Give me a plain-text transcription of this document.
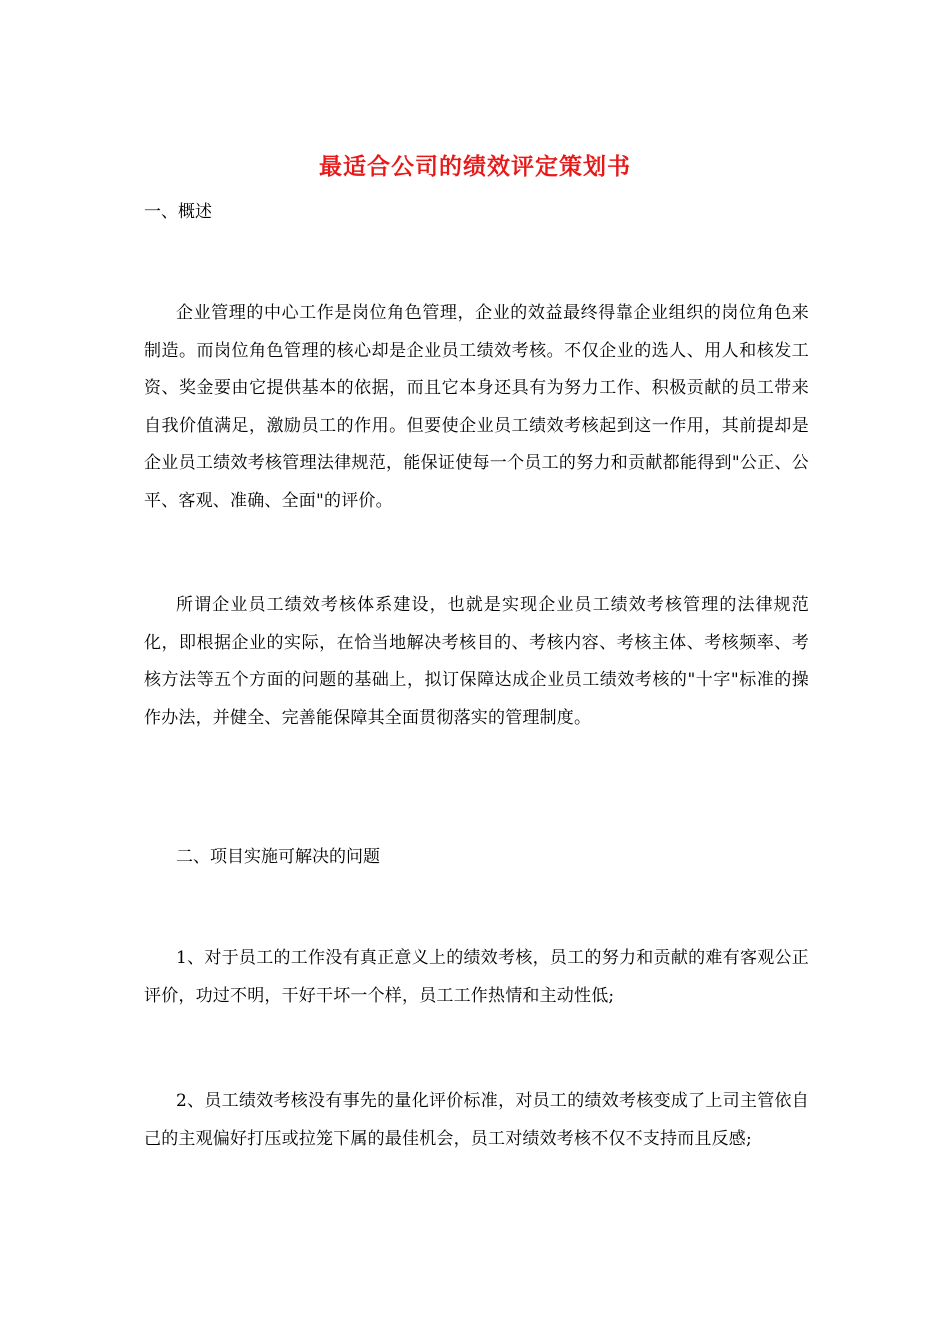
最适合公司的绩效评定策划书
一、概述

企业管理的中心工作是岗位角色管理，企业的效益最终得靠企业组织的岗位角色来制造。而岗位角色管理的核心却是企业员工绩效考核。不仅企业的选人、用人和核发工资、奖金要由它提供基本的依据，而且它本身还具有为努力工作、积极贡献的员工带来自我价值满足，激励员工的作用。但要使企业员工绩效考核起到这一作用，其前提却是企业员工绩效考核管理法律规范，能保证使每一个员工的努力和贡献都能得到"公正、公平、客观、准确、全面"的评价。

所谓企业员工绩效考核体系建设，也就是实现企业员工绩效考核管理的法律规范化，即根据企业的实际，在恰当地解决考核目的、考核内容、考核主体、考核频率、考核方法等五个方面的问题的基础上，拟订保障达成企业员工绩效考核的"十字"标准的操作办法，并健全、完善能保障其全面贯彻落实的管理制度。

二、项目实施可解决的问题

1、对于员工的工作没有真正意义上的绩效考核，员工的努力和贡献的难有客观公正评价，功过不明，干好干坏一个样，员工工作热情和主动性低;

2、员工绩效考核没有事先的量化评价标准，对员工的绩效考核变成了上司主管依自己的主观偏好打压或拉笼下属的最佳机会，员工对绩效考核不仅不支持而且反感;
